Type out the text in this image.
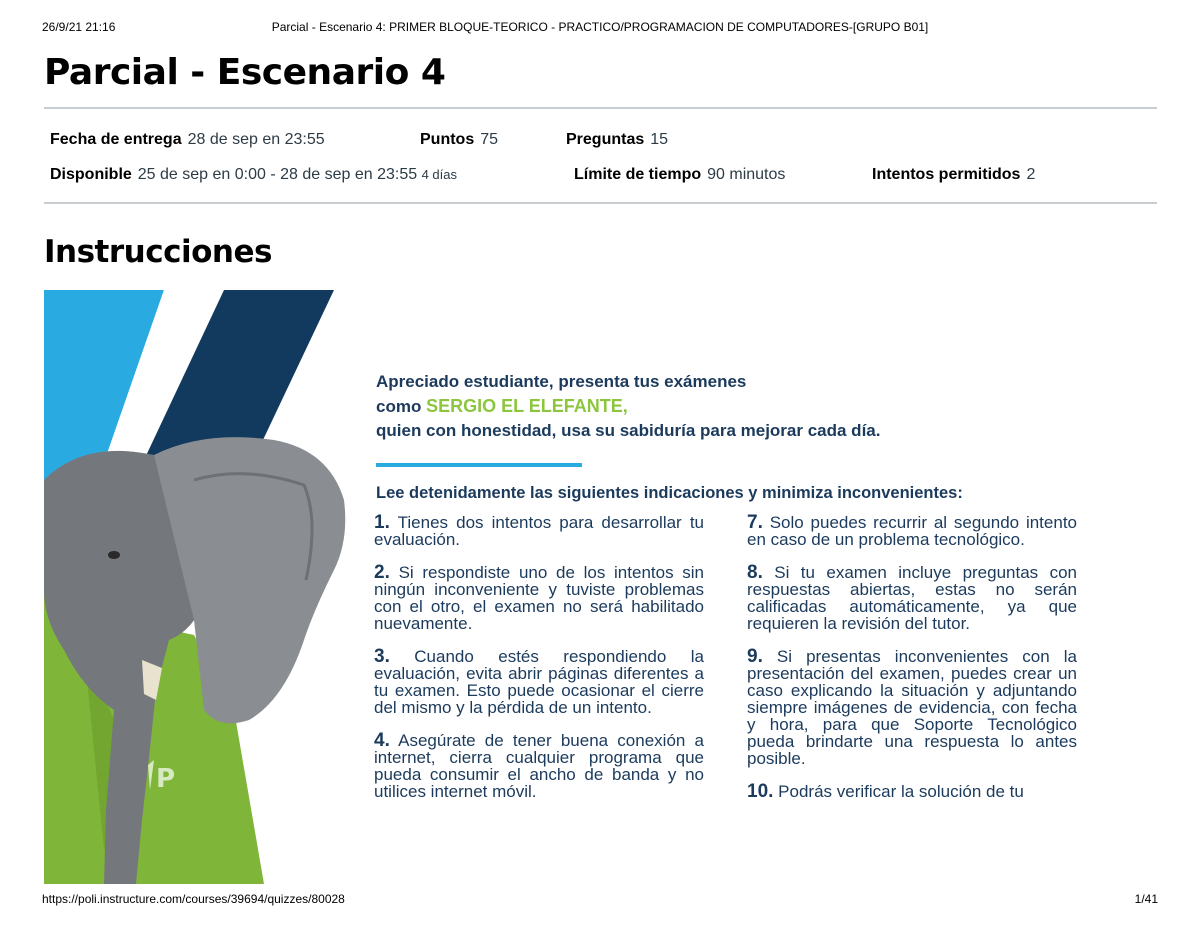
26/9/21 21:16	Parcial - Escenario 4: PRIMER BLOQUE-TEORICO - PRACTICO/PROGRAMACION DE COMPUTADORES-[GRUPO B01]
Parcial - Escenario 4
Fecha de entrega 28 de sep en 23:55	Puntos 75	Preguntas 15
Disponible 25 de sep en 0:00 - 28 de sep en 23:55 4 días	Límite de tiempo 90 minutos	Intentos permitidos 2
Instrucciones
P
Apreciado estudiante, presenta tus exámenes
como SERGIO EL ELEFANTE,
quien con honestidad, usa su sabiduría para mejorar cada día.
Lee detenidamente las siguientes indicaciones y minimiza inconvenientes:

1. Tienes dos intentos para desarrollar tu evaluación.

2. Si respondiste uno de los intentos sin ningún inconveniente y tuviste problemas con el otro, el examen no será habilitado nuevamente.

3. Cuando estés respondiendo la evaluación, evita abrir páginas diferentes a tu examen. Esto puede ocasionar el cierre del mismo y la pérdida de un intento.

4. Asegúrate de tener buena conexión a internet, cierra cualquier programa que pueda consumir el ancho de banda y no utilices internet móvil.

7. Solo puedes recurrir al segundo intento en caso de un problema tecnológico.

8. Si tu examen incluye preguntas con respuestas abiertas, estas no serán calificadas automáticamente, ya que requieren la revisión del tutor.

9. Si presentas inconvenientes con la presentación del examen, puedes crear un caso explicando la situación y adjuntando siempre imágenes de evidencia, con fecha y hora, para que Soporte Tecnológico pueda brindarte una respuesta lo antes posible.

10. Podrás verificar la solución de tu

https://poli.instructure.com/courses/39694/quizzes/80028	1/41
